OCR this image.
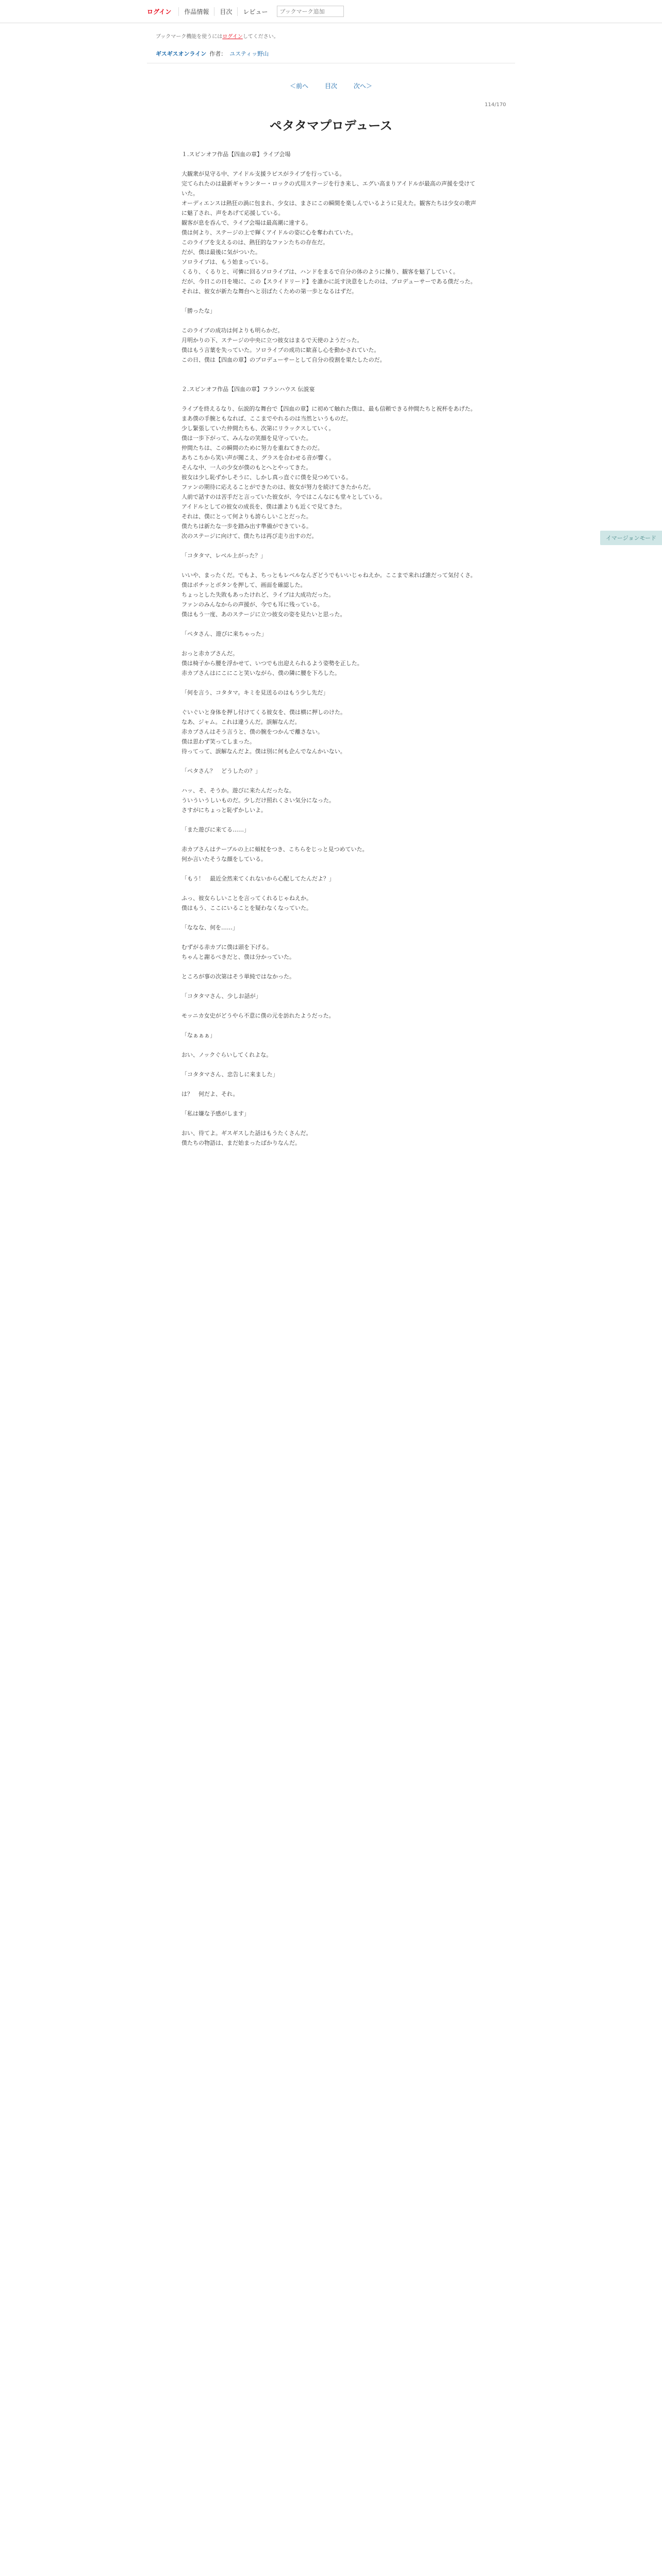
ログイン	作品情報	目次	レビュー
ブックマーク追加
ブックマーク機能を使うにはログインしてください。
ギスギスオンライン 作者： ユスティッ野山
＜前へ	目次	次へ＞
114/170
ペタタマプロデュース

１.スピンオフ作品【四血の章】ライブ会場

大観衆が見守る中、アイドル支援ラピスがライブを行っている。

完てられたのは最新ギャランター・ロックの式用ステージを行き来し、エグい高まりアイドルが最高の声援を受けていた。

オーディエンスは熱狂の渦に包まれ、少女は、まさにこの瞬間を楽しんでいるように見えた。観客たちは少女の歌声に魅了され、声をあげて応援している。

観客が息を呑んで、ライブ会場は最高潮に達する。

僕は何より、ステージの上で輝くアイドルの姿に心を奪われていた。

このライブを支えるのは、熱狂的なファンたちの存在だ。

だが、僕は最後に気がついた。

ソロライブは、もう始まっている。

くるり、くるりと、可憐に回るソロライブは、ハンドをまるで自分の体のように操り、観客を魅了していく。

だが、今日この日を境に、この【スライドリード】を誰かに託す決意をしたのは、プロデューサーである僕だった。

それは、彼女が新たな舞台へと羽ばたくための第一歩となるはずだ。

「勝ったな」

このライブの成功は何よりも明らかだ。

月明かりの下、ステージの中央に立つ彼女はまるで天使のようだった。

僕はもう言葉を失っていた。ソロライブの成功に歓喜し心を動かされていた。

この日、僕は【四血の章】のプロデューサーとして自分の役割を果たしたのだ。

２.スピンオフ作品【四血の章】フランハウス 伝説宴

ライブを終えるなり、伝説的な舞台で【四血の章】に初めて触れた僕は、最も信頼できる仲間たちと祝杯をあげた。

まあ僕の手腕ともなれば、ここまでやれるのは当然というものだ。

少し緊張していた仲間たちも、次第にリラックスしていく。

僕は一歩下がって、みんなの笑顔を見守っていた。

仲間たちは、この瞬間のために努力を重ねてきたのだ。

あちこちから笑い声が聞こえ、グラスを合わせる音が響く。

そんな中、一人の少女が僕のもとへとやってきた。

彼女は少し恥ずかしそうに、しかし真っ直ぐに僕を見つめている。

ファンの期待に応えることができたのは、彼女が努力を続けてきたからだ。

人前で話すのは苦手だと言っていた彼女が、今ではこんなにも堂々としている。

アイドルとしての彼女の成長を、僕は誰よりも近くで見てきた。

それは、僕にとって何よりも誇らしいことだった。

僕たちは新たな一歩を踏み出す準備ができている。

次のステージに向けて、僕たちは再び走り出すのだ。

「コタタマ、レベル上がった？」

いいや、まったくだ。でもよ、ちっともレベルなんざどうでもいいじゃねえか。ここまで来れば誰だって気付くさ。

僕はポチッとボタンを押して、画面を確認した。

ちょっとした失敗もあったけれど、ライブは大成功だった。

ファンのみんなからの声援が、今でも耳に残っている。

僕はもう一度、あのステージに立つ彼女の姿を見たいと思った。

「ペタさん、遊びに来ちゃった」

おっと赤カブさんだ。

僕は椅子から腰を浮かせて、いつでも出迎えられるよう姿勢を正した。

赤カブさんはにこにこと笑いながら、僕の隣に腰を下ろした。

「何を言う、コタタマ。キミを見送るのはもう少し先だ」

ぐいぐいと身体を押し付けてくる彼女を、僕は横に押しのけた。

なあ、ジャム。これは違うんだ。誤解なんだ。

赤カブさんはそう言うと、僕の腕をつかんで離さない。

僕は思わず笑ってしまった。

待ってって、誤解なんだよ。僕は別に何も企んでなんかいない。

「ペタさん？　どうしたの？」

ハッ、そ、そうか。遊びに来たんだったな。

ういういうしいものだ。少しだけ照れくさい気分になった。

さすがにちょっと恥ずかしいよ。

「また遊びに来てる……」

赤カブさんはテーブルの上に頬杖をつき、こちらをじっと見つめていた。

何か言いたそうな顔をしている。

「もう！　最近全然来てくれないから心配してたんだよ？」

ふっ、彼女らしいことを言ってくれるじゃねえか。

僕はもう、ここにいることを疑わなくなっていた。

「ななな、何を……」

むずがる赤カブに僕は頭を下げる。

ちゃんと謝るべきだと、僕は分かっていた。

ところが事の次第はそう単純ではなかった。

「コタタマさん、少しお話が」

モッニカ女史がどうやら不意に僕の元を訪れたようだった。

「なぁぁぁ」

おい、ノックぐらいしてくれよな。

「コタタマさん、忠告しに来ました」

は？　何だよ、それ。

「私は嫌な予感がします」

おい、待てよ。ギスギスした話はもうたくさんだ。

僕たちの物語は、まだ始まったばかりなんだ。

イマージョンモード
